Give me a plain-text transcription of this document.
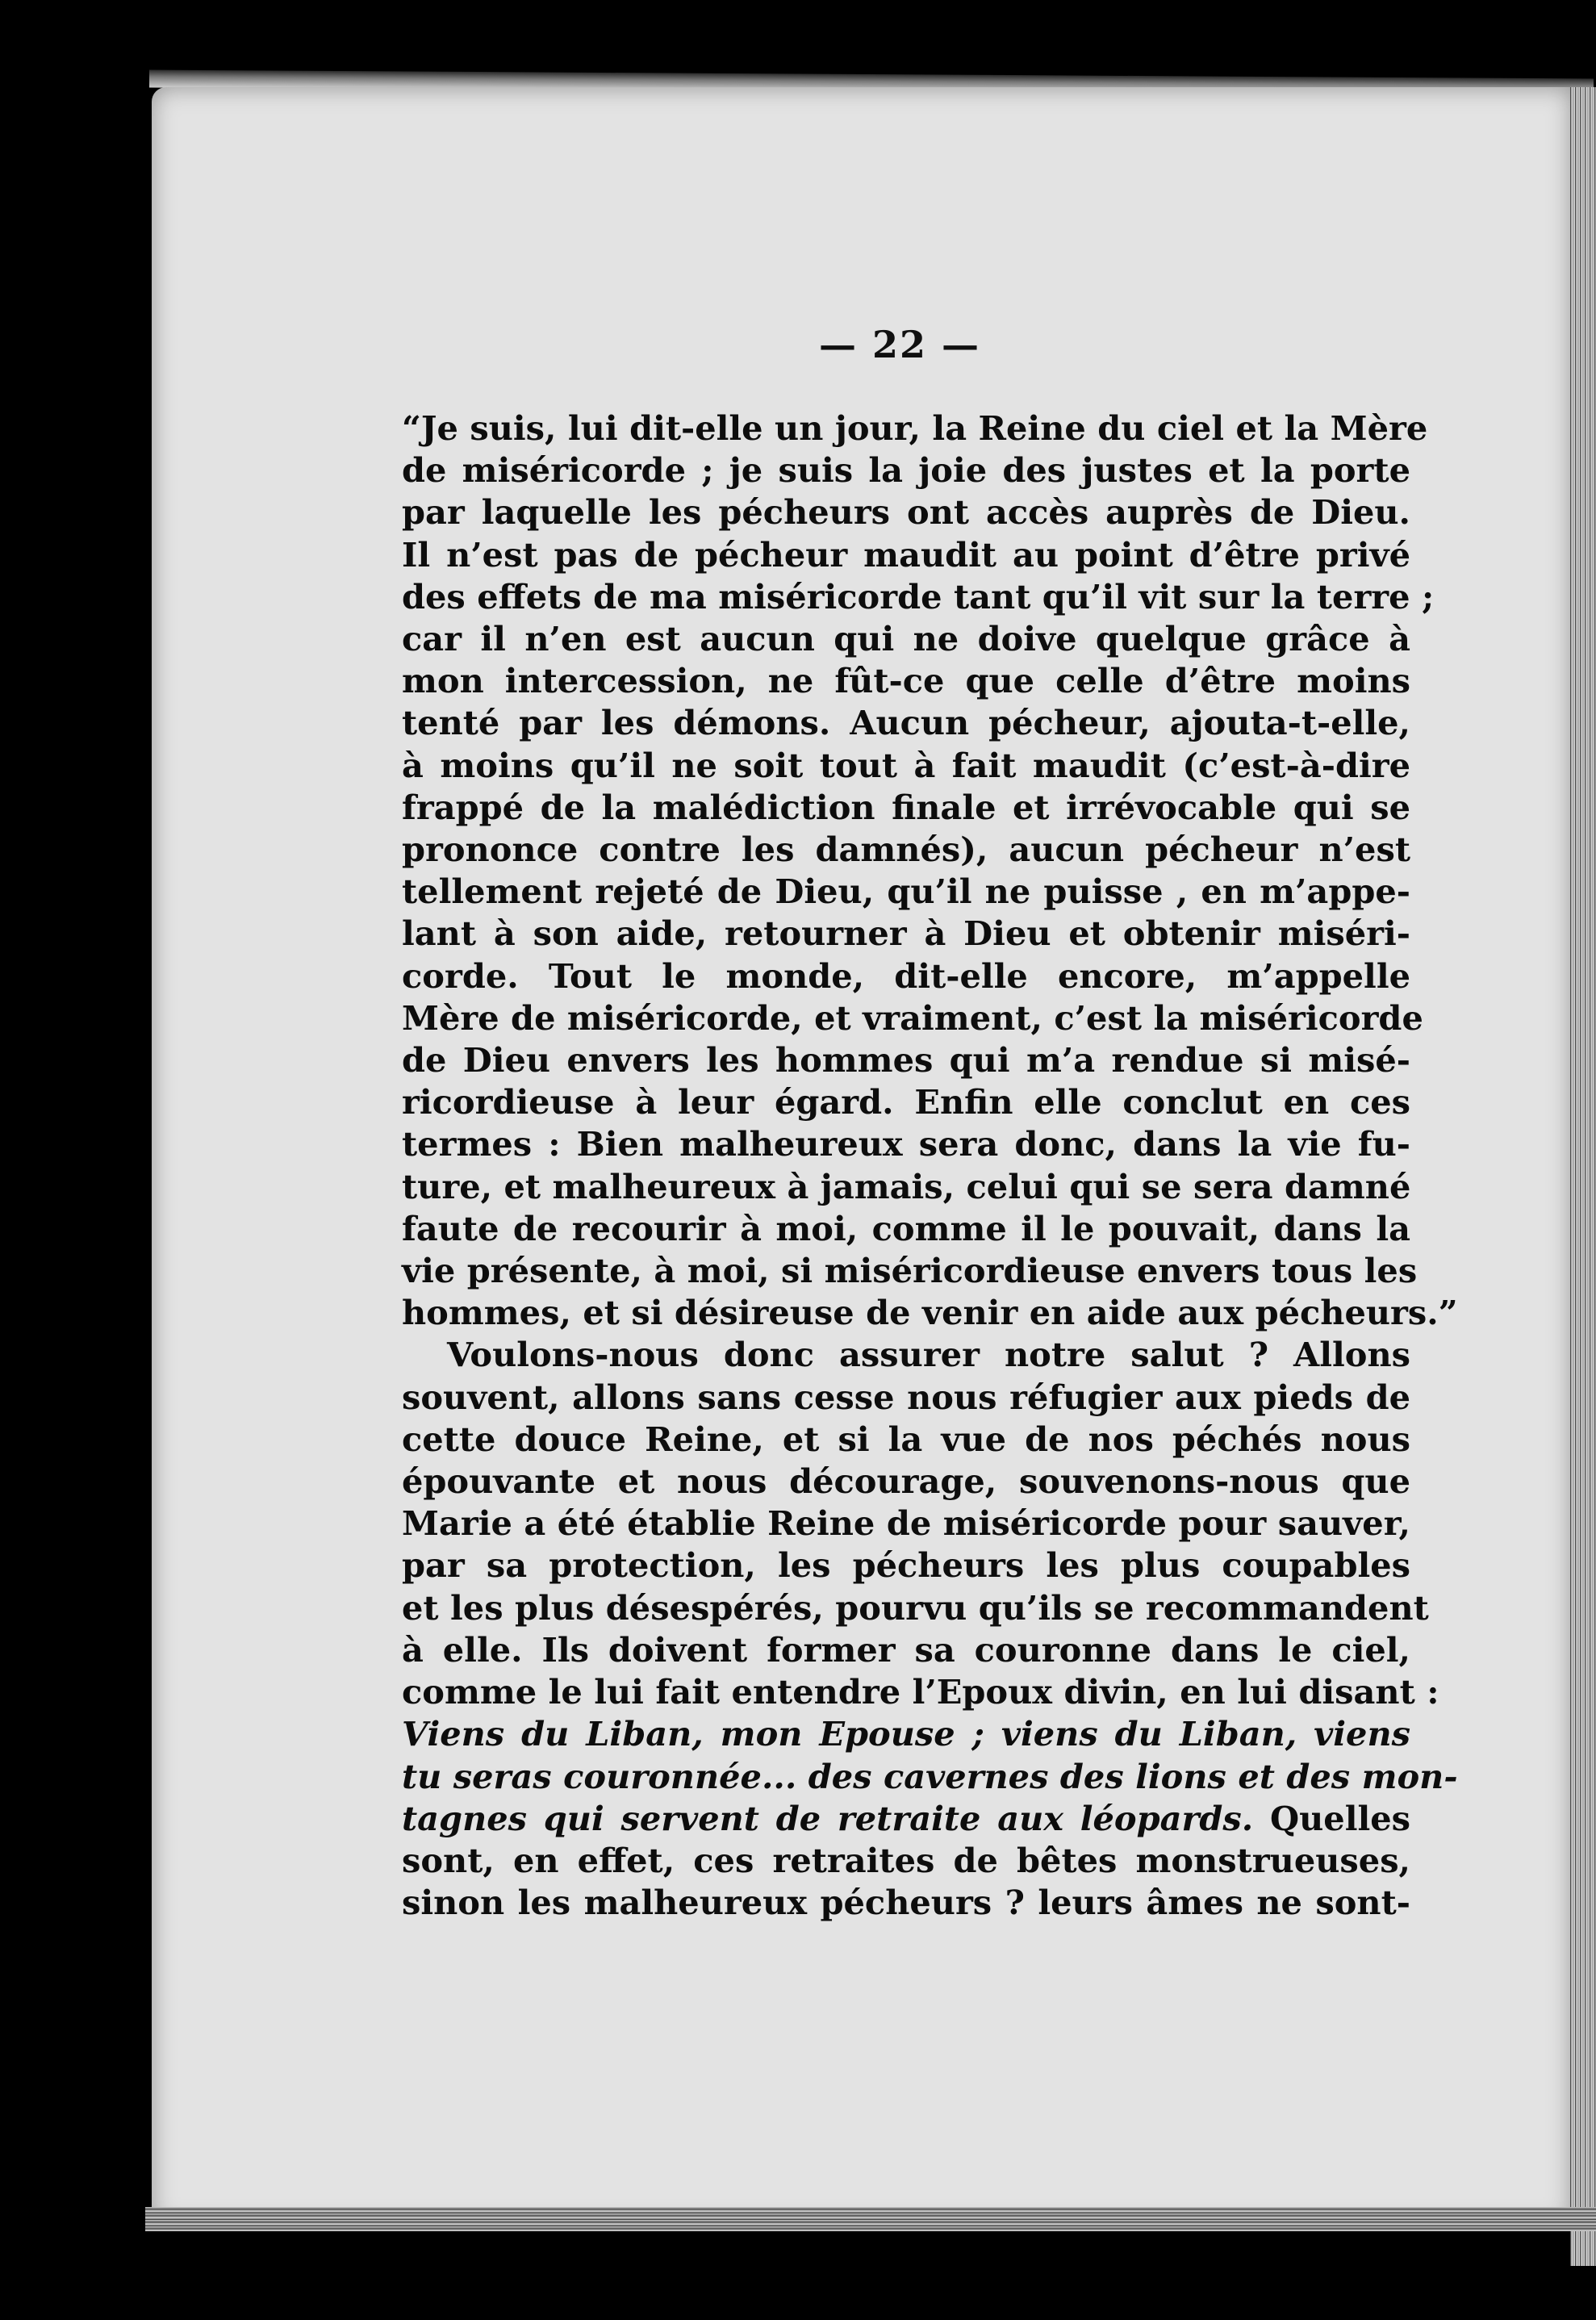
— 22 —
“Je suis, lui dit-elle un jour, la Reine du ciel et la Mère
de miséricorde ; je suis la joie des justes et la porte
par laquelle les pécheurs ont accès auprès de Dieu.
Il n’est pas de pécheur maudit au point d’être privé
des effets de ma miséricorde tant qu’il vit sur la terre ;
car il n’en est aucun qui ne doive quelque grâce à
mon intercession, ne fût-ce que celle d’être moins
tenté par les démons. Aucun pécheur, ajouta-t-elle,
à moins qu’il ne soit tout à fait maudit (c’est-à-dire
frappé de la malédiction finale et irrévocable qui se
prononce contre les damnés), aucun pécheur n’est
tellement rejeté de Dieu, qu’il ne puisse , en m’appe-
lant à son aide, retourner à Dieu et obtenir miséri-
corde. Tout le monde, dit-elle encore, m’appelle
Mère de miséricorde, et vraiment, c’est la miséricorde
de Dieu envers les hommes qui m’a rendue si misé-
ricordieuse à leur égard. Enfin elle conclut en ces
termes : Bien malheureux sera donc, dans la vie fu-
ture, et malheureux à jamais, celui qui se sera damné
faute de recourir à moi, comme il le pouvait, dans la
vie présente, à moi, si miséricordieuse envers tous les
hommes, et si désireuse de venir en aide aux pécheurs.”
Voulons-nous donc assurer notre salut ? Allons
souvent, allons sans cesse nous réfugier aux pieds de
cette douce Reine, et si la vue de nos péchés nous
épouvante et nous décourage, souvenons-nous que
Marie a été établie Reine de miséricorde pour sauver,
par sa protection, les pécheurs les plus coupables
et les plus désespérés, pourvu qu’ils se recommandent
à elle. Ils doivent former sa couronne dans le ciel,
comme le lui fait entendre l’Epoux divin, en lui disant :
Viens du Liban, mon Epouse ; viens du Liban, viens
tu seras couronnée... des cavernes des lions et des mon-
tagnes qui servent de retraite aux léopards. Quelles
sont, en effet, ces retraites de bêtes monstrueuses,
sinon les malheureux pécheurs ? leurs âmes ne sont-
